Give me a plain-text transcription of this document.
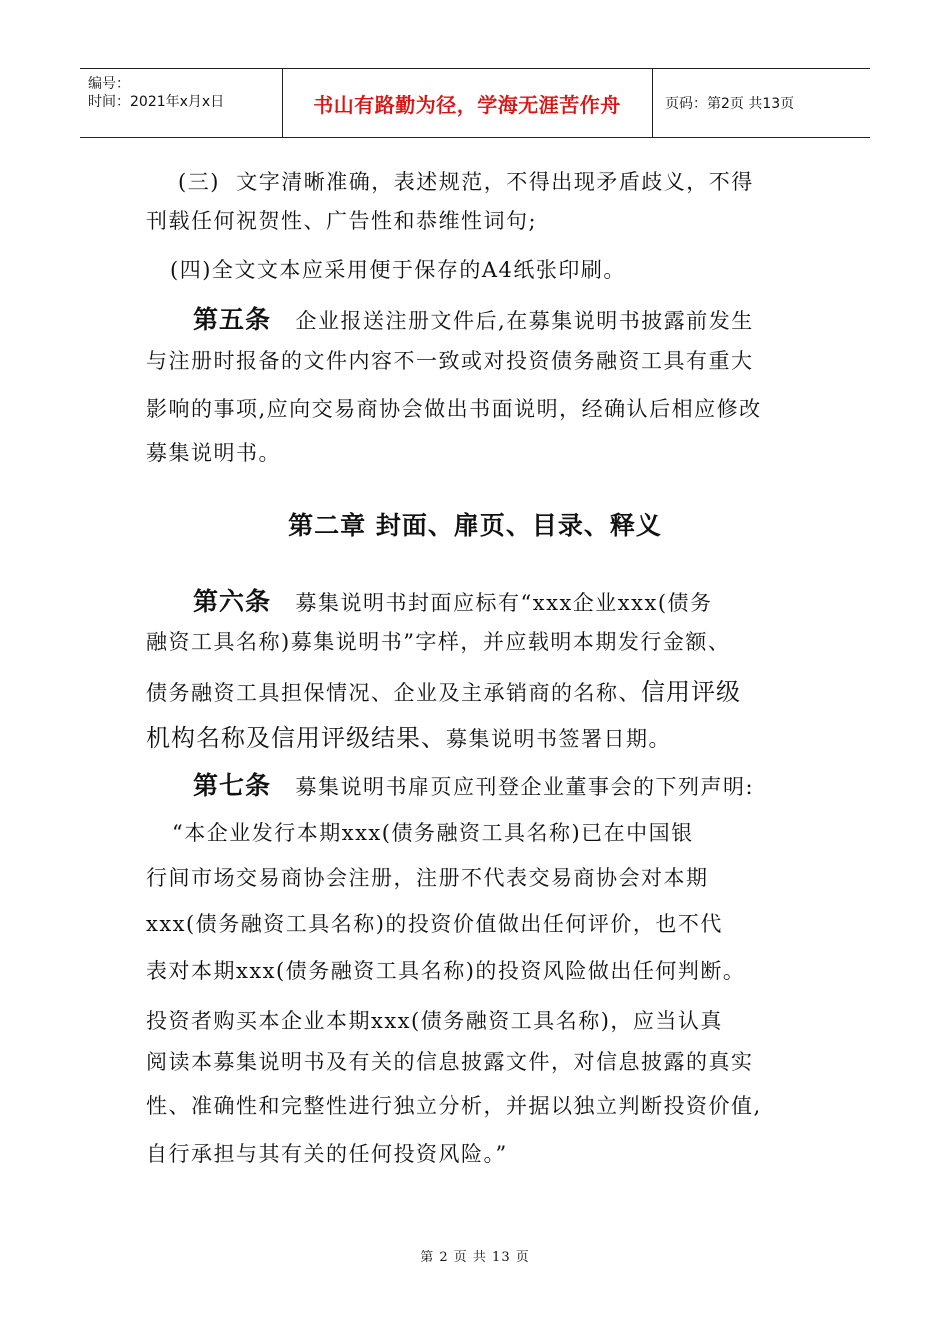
编号：
时间：2021年x月x日	书山有路勤为径，学海无涯苦作舟	页码：第2页 共13页
(三)  文字清晰准确，表述规范，不得出现矛盾歧义，不得
刊载任何祝贺性、广告性和恭维性词句;
(四)全文文本应采用便于保存的A4纸张印刷。
第五条   企业报送注册文件后,在募集说明书披露前发生
与注册时报备的文件内容不一致或对投资债务融资工具有重大
影响的事项,应向交易商协会做出书面说明，经确认后相应修改
募集说明书。
第二章 封面、扉页、目录、释义
第六条   募集说明书封面应标有“xxx企业xxx(债务
融资工具名称)募集说明书”字样，并应载明本期发行金额、
债务融资工具担保情况、企业及主承销商的名称、信用评级
机构名称及信用评级结果、募集说明书签署日期。
第七条   募集说明书扉页应刊登企业董事会的下列声明:
“本企业发行本期xxx(债务融资工具名称)已在中国银
行间市场交易商协会注册，注册不代表交易商协会对本期
xxx(债务融资工具名称)的投资价值做出任何评价，也不代
表对本期xxx(债务融资工具名称)的投资风险做出任何判断。
投资者购买本企业本期xxx(债务融资工具名称)，应当认真
阅读本募集说明书及有关的信息披露文件，对信息披露的真实
性、准确性和完整性进行独立分析，并据以独立判断投资价值,
自行承担与其有关的任何投资风险。”
第 2 页 共 13 页
